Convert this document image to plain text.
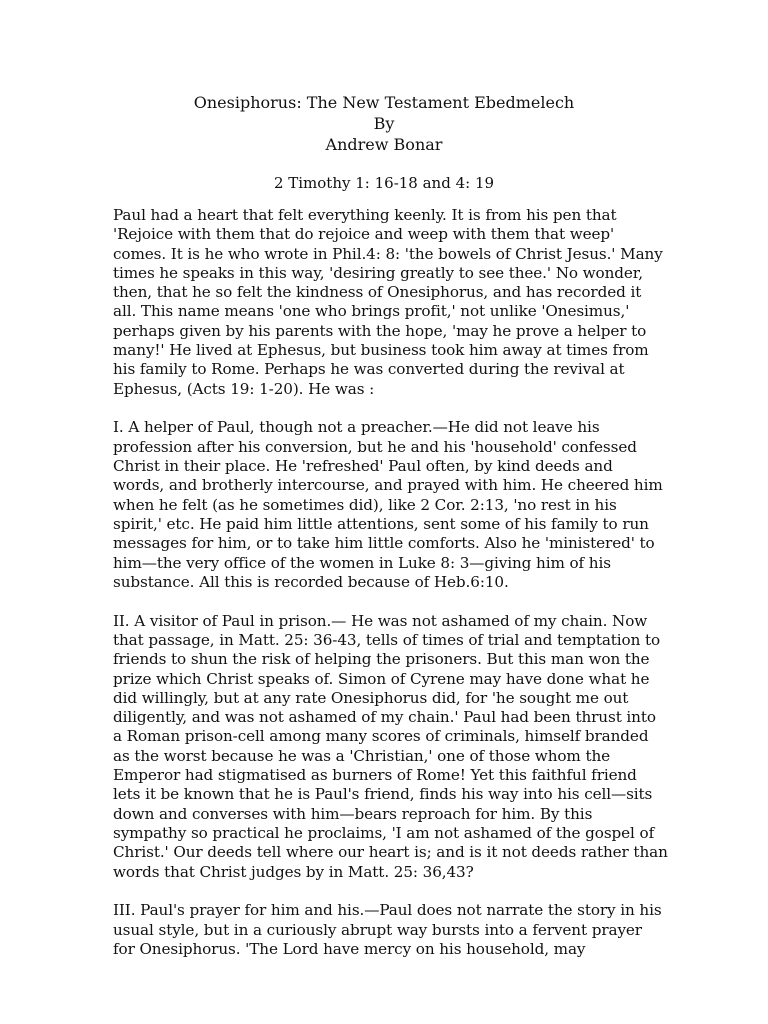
Onesiphorus: The New Testament Ebedmelech
By
Andrew Bonar
2 Timothy 1: 16-18 and 4: 19

Paul had a heart that felt everything keenly. It is from his pen that 'Rejoice with them that do rejoice and weep with them that weep' comes. It is he who wrote in Phil.4: 8: 'the bowels of Christ Jesus.' Many times he speaks in this way, 'desiring greatly to see thee.' No wonder, then, that he so felt the kindness of Onesiphorus, and has recorded it all. This name means 'one who brings profit,' not unlike 'Onesimus,' perhaps given by his parents with the hope, 'may he prove a helper to many!' He lived at Ephesus, but business took him away at times from his family to Rome. Perhaps he was converted during the revival at Ephesus, (Acts 19: 1-20). He was :

I. A helper of Paul, though not a preacher.—He did not leave his profession after his conversion, but he and his 'household' confessed Christ in their place. He 'refreshed' Paul often, by kind deeds and words, and brotherly intercourse, and prayed with him. He cheered him when he felt (as he sometimes did), like 2 Cor. 2:13, 'no rest in his spirit,' etc. He paid him little attentions, sent some of his family to run messages for him, or to take him little comforts. Also he 'ministered' to him—the very office of the women in Luke 8: 3—giving him of his substance. All this is recorded because of Heb.6:10.

II. A visitor of Paul in prison.— He was not ashamed of my chain. Now that passage, in Matt. 25: 36-43, tells of times of trial and temptation to friends to shun the risk of helping the prisoners. But this man won the prize which Christ speaks of. Simon of Cyrene may have done what he did willingly, but at any rate Onesiphorus did, for 'he sought me out diligently, and was not ashamed of my chain.' Paul had been thrust into a Roman prison-cell among many scores of criminals, himself branded as the worst because he was a 'Christian,' one of those whom the Emperor had stigmatised as burners of Rome! Yet this faithful friend lets it be known that he is Paul's friend, finds his way into his cell—sits down and converses with him—bears reproach for him. By this sympathy so practical he proclaims, 'I am not ashamed of the gospel of Christ.' Our deeds tell where our heart is; and is it not deeds rather than words that Christ judges by in Matt. 25: 36,43?

III. Paul's prayer for him and his.—Paul does not narrate the story in his usual style, but in a curiously abrupt way bursts into a fervent prayer for Onesiphorus. 'The Lord have mercy on his household, may
